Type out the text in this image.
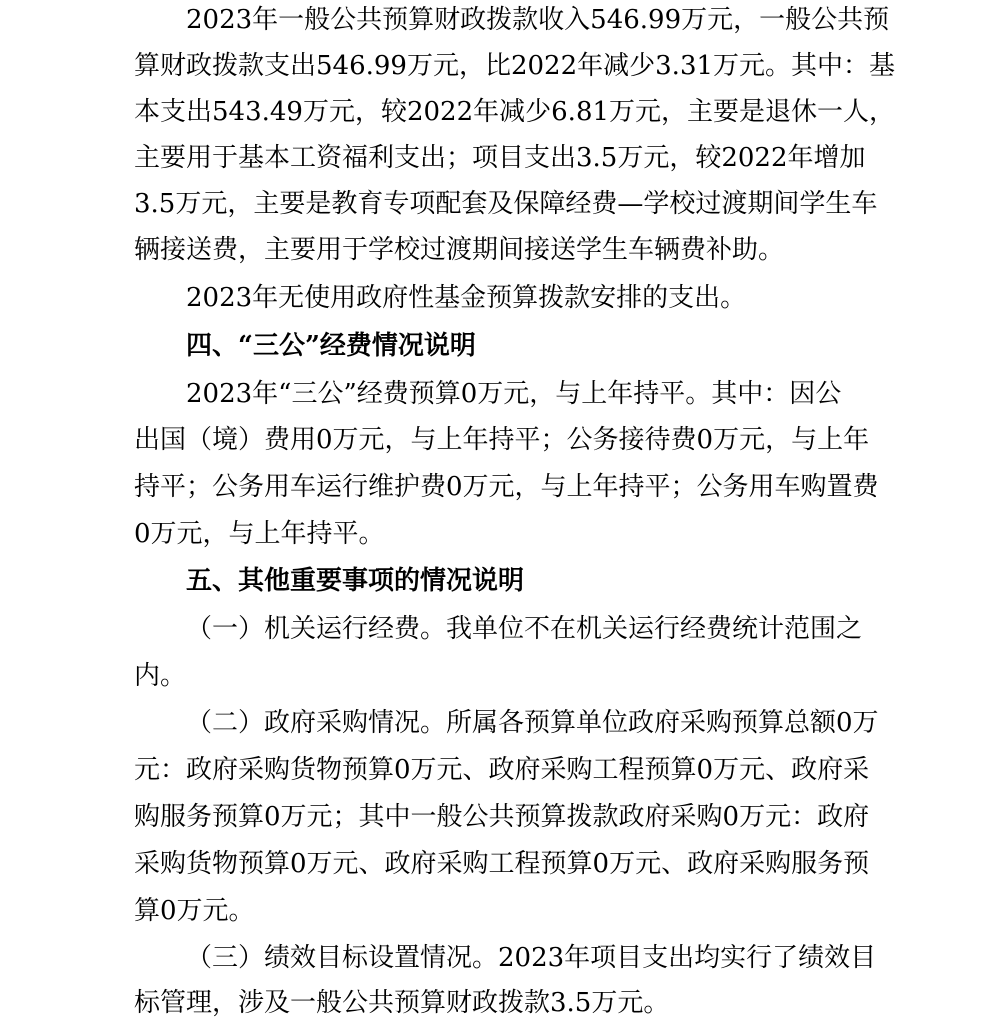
2023年一般公共预算财政拨款收入546.99万元，一般公共预
算财政拨款支出546.99万元，比2022年减少3.31万元。其中：基
本支出543.49万元，较2022年减少6.81万元，主要是退休一人，
主要用于基本工资福利支出；项目支出3.5万元，较2022年增加
3.5万元，主要是教育专项配套及保障经费—学校过渡期间学生车
辆接送费，主要用于学校过渡期间接送学生车辆费补助。
2023年无使用政府性基金预算拨款安排的支出。
四、“三公”经费情况说明
2023年“三公”经费预算0万元，与上年持平。其中：因公
出国（境）费用0万元，与上年持平；公务接待费0万元，与上年
持平；公务用车运行维护费0万元，与上年持平；公务用车购置费
0万元，与上年持平。
五、其他重要事项的情况说明
（一）机关运行经费。我单位不在机关运行经费统计范围之
内。
（二）政府采购情况。所属各预算单位政府采购预算总额0万
元：政府采购货物预算0万元、政府采购工程预算0万元、政府采
购服务预算0万元；其中一般公共预算拨款政府采购0万元：政府
采购货物预算0万元、政府采购工程预算0万元、政府采购服务预
算0万元。
（三）绩效目标设置情况。2023年项目支出均实行了绩效目
标管理，涉及一般公共预算财政拨款3.5万元。
